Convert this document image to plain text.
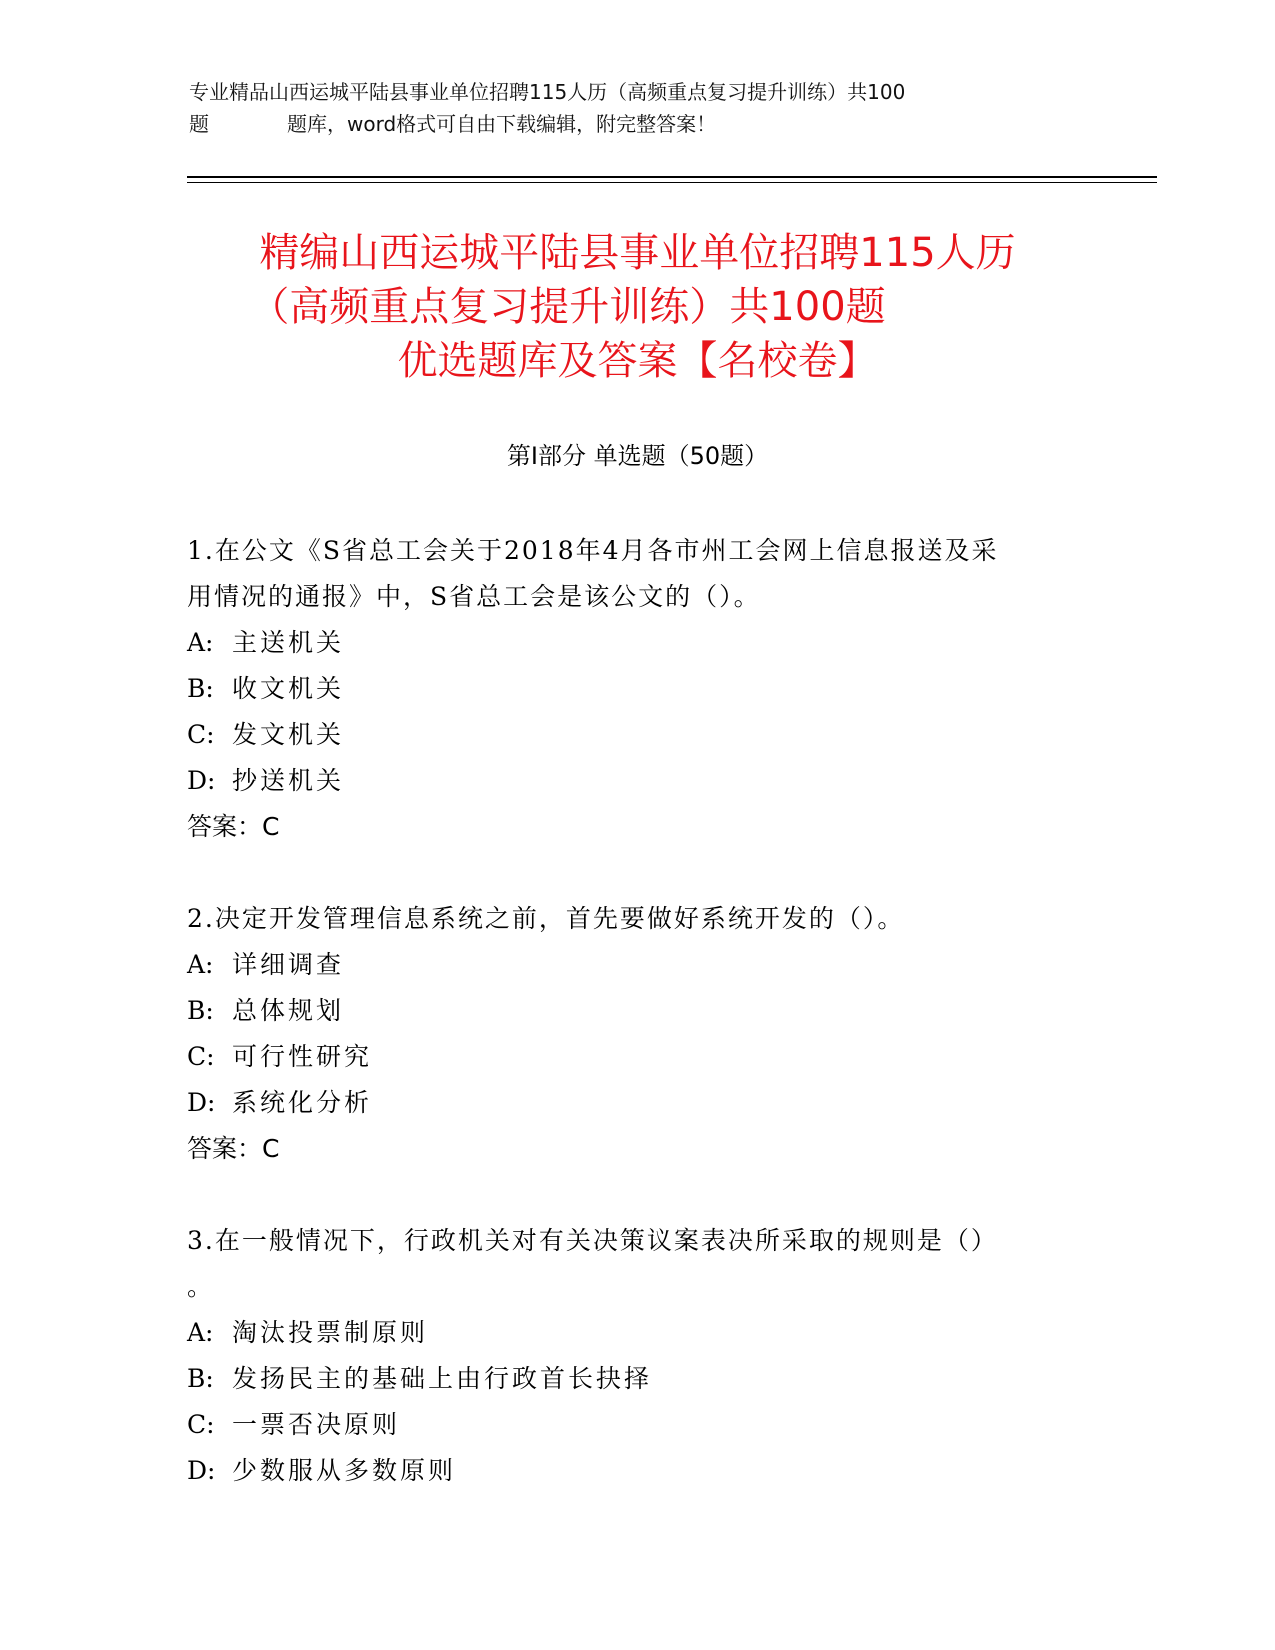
专业精品山西运城平陆县事业单位招聘115人历（高频重点复习提升训练）共100
题	题库，word格式可自由下载编辑，附完整答案！
精编山西运城平陆县事业单位招聘115人历
（高频重点复习提升训练）共100题
优选题库及答案【名校卷】
第Ⅰ部分 单选题（50题）

1.在公文《S省总工会关于2018年4月各市州工会网上信息报送及采

用情况的通报》中，S省总工会是该公文的（）。

A: 主送机关

B: 收文机关

C: 发文机关

D: 抄送机关

答案：C

2.决定开发管理信息系统之前，首先要做好系统开发的（）。

A: 详细调查

B: 总体规划

C: 可行性研究

D: 系统化分析

答案：C

3.在一般情况下，行政机关对有关决策议案表决所采取的规则是（）

。

A: 淘汰投票制原则

B: 发扬民主的基础上由行政首长抉择

C: 一票否决原则

D: 少数服从多数原则
